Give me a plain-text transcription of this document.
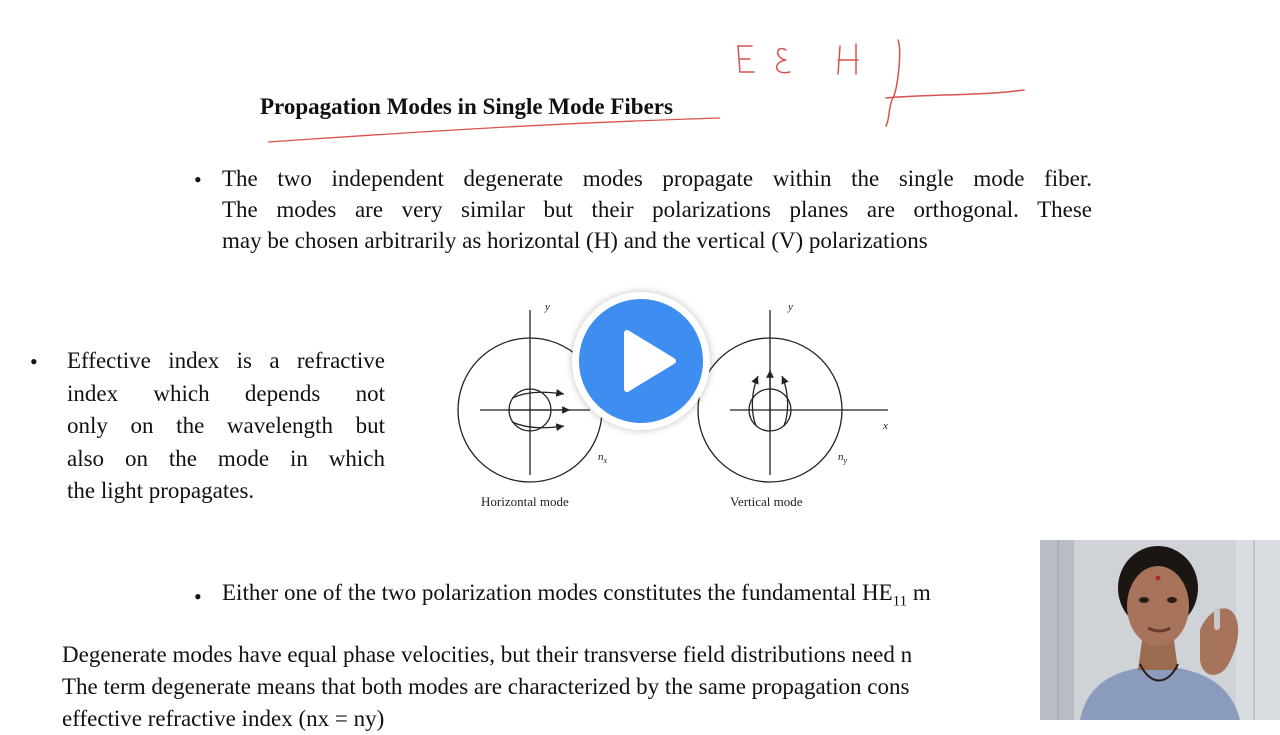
Propagation Modes in Single Mode Fibers
• The two independent degenerate modes propagate within the single mode fiber.
The modes are very similar but their polarizations planes are orthogonal. These
may be chosen arbitrarily as horizontal (H) and the vertical (V) polarizations
• Effective index is a refractive
index which depends not
only on the wavelength but
also on the mode in which
the light propagates.
y
$n_x$
Horizontal mode
y
x
$n_y$
Vertical mode
• Either one of the two polarization modes constitutes the fundamental $HE_{11}$ m
Degenerate modes have equal phase velocities, but their transverse field distributions need n
The term degenerate means that both modes are characterized by the same propagation cons
effective refractive index (nx = ny)
